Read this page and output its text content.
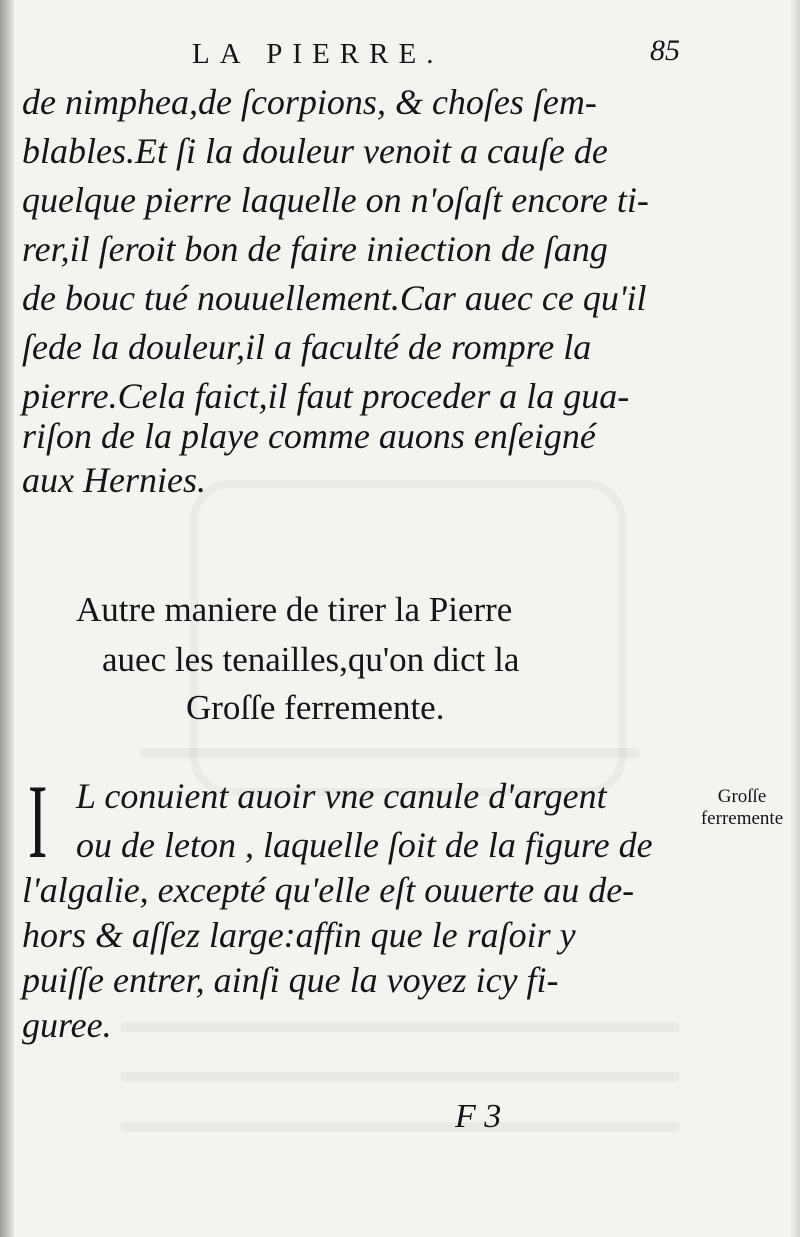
LA PIERRE.	85
de nimphea,de ſcorpions, & choſes ſem-
blables.Et ſi la douleur venoit a cauſe de
quelque pierre laquelle on n'oſaſt encore ti-
rer,il ſeroit bon de faire iniection de ſang
de bouc tué nouuellement.Car auec ce qu'il
ſede la douleur,il a faculté de rompre la
pierre.Cela faict,il faut proceder a la gua-
riſon de la playe comme auons enſeigné
aux Hernies.
Autre maniere de tirer la Pierre
auec les tenailles,qu'on dict la
Groſſe ferremente.
I L conuient auoir vne canule d'argent
ou de leton , laquelle ſoit de la figure de
l'algalie, excepté qu'elle eſt ouuerte au de-
hors & aſſez large:affin que le raſoir y
puiſſe entrer, ainſi que la voyez icy fi-
guree.
Groſſe
ferremente
F 3
